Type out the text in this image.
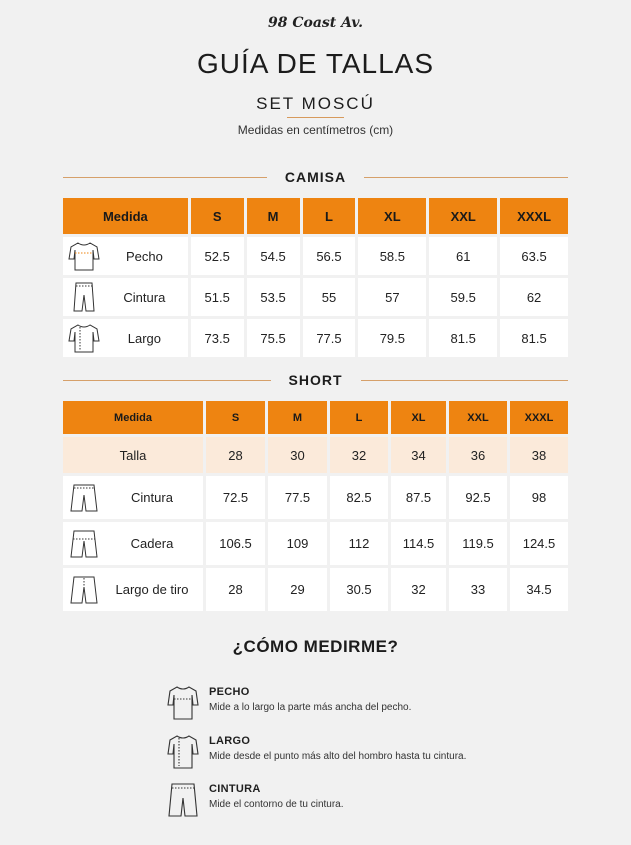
98 Coast Av.
GUÍA DE TALLAS
SET MOSCÚ
Medidas en centímetros (cm)
CAMISA
Medida	S	M	L	XL	XXL	XXXL
Pecho	52.5	54.5	56.5	58.5	61	63.5
Cintura	51.5	53.5	55	57	59.5	62
Largo	73.5	75.5	77.5	79.5	81.5	81.5
SHORT
Medida	S	M	L	XL	XXL	XXXL
Talla	28	30	32	34	36	38
Cintura	72.5	77.5	82.5	87.5	92.5	98
Cadera	106.5	109	112	114.5	119.5	124.5
Largo de tiro	28	29	30.5	32	33	34.5
¿CÓMO MEDIRME?
PECHO
Mide a lo largo la parte más ancha del pecho.
LARGO
Mide desde el punto más alto del hombro hasta tu cintura.
CINTURA
Mide el contorno de tu cintura.
